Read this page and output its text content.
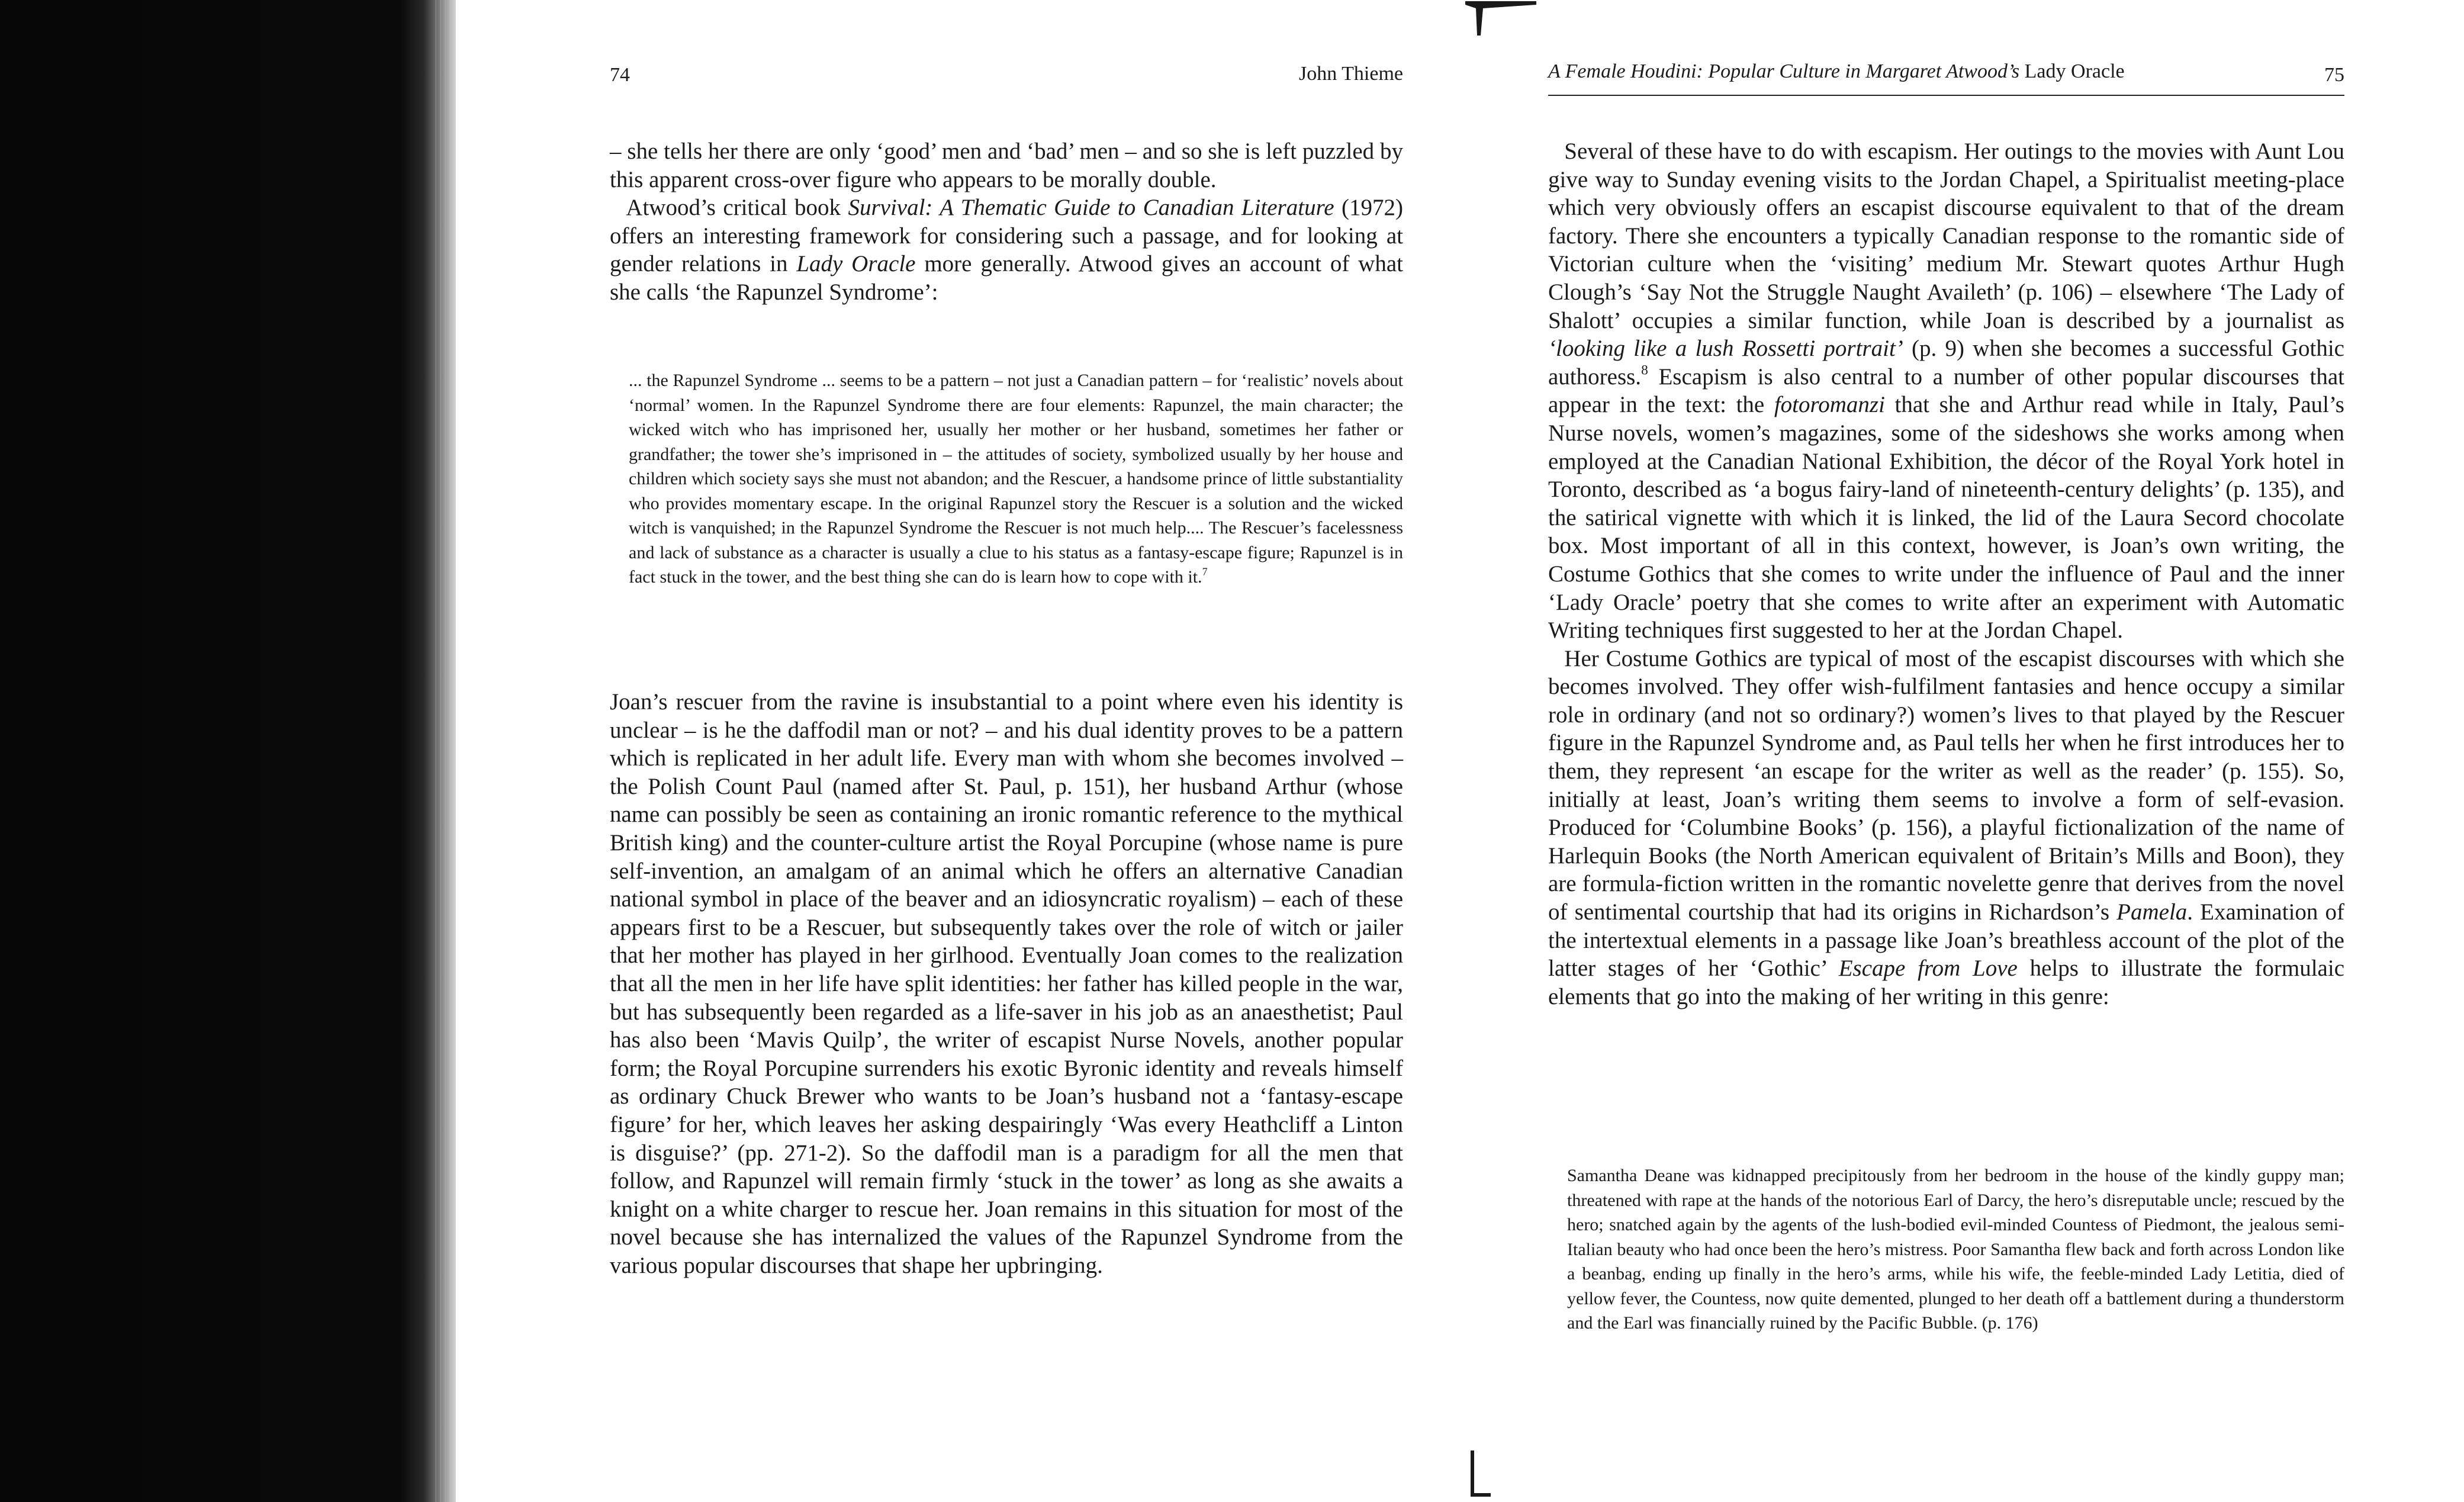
74	John Thieme

– she tells her there are only ‘good’ men and ‘bad’ men – and so she is left puzzled by this apparent cross-over figure who appears to be morally double.

Atwood’s critical book Survival: A Thematic Guide to Canadian Literature (1972) offers an interesting framework for considering such a passage, and for looking at gender relations in Lady Oracle more generally. Atwood gives an account of what she calls ‘the Rapunzel Syndrome’:

... the Rapunzel Syndrome ... seems to be a pattern – not just a Canadian pattern – for ‘realistic’ novels about ‘normal’ women. In the Rapunzel Syndrome there are four elements: Rapunzel, the main character; the wicked witch who has imprisoned her, usually her mother or her husband, sometimes her father or grandfather; the tower she’s imprisoned in – the attitudes of society, symbolized usually by her house and children which society says she must not abandon; and the Rescuer, a handsome prince of little substantiality who provides momentary escape. In the original Rapunzel story the Rescuer is a solution and the wicked witch is vanquished; in the Rapunzel Syndrome the Rescuer is not much help.... The Rescuer’s facelessness and lack of substance as a character is usually a clue to his status as a fantasy-escape figure; Rapunzel is in fact stuck in the tower, and the best thing she can do is learn how to cope with it.$^7$

Joan’s rescuer from the ravine is insubstantial to a point where even his identity is unclear – is he the daffodil man or not? – and his dual identity proves to be a pattern which is replicated in her adult life. Every man with whom she becomes involved – the Polish Count Paul (named after St. Paul, p. 151), her husband Arthur (whose name can possibly be seen as containing an ironic romantic reference to the mythical British king) and the counter-culture artist the Royal Porcupine (whose name is pure self-invention, an amalgam of an animal which he offers an alternative Canadian national symbol in place of the beaver and an idiosyncratic royalism) – each of these appears first to be a Rescuer, but subsequently takes over the role of witch or jailer that her mother has played in her girlhood. Eventually Joan comes to the realization that all the men in her life have split identities: her father has killed people in the war, but has subsequently been regarded as a life-saver in his job as an anaesthetist; Paul has also been ‘Mavis Quilp’, the writer of escapist Nurse Novels, another popular form; the Royal Porcupine surrenders his exotic Byronic identity and reveals himself as ordinary Chuck Brewer who wants to be Joan’s husband not a ‘fantasy-escape figure’ for her, which leaves her asking despairingly ‘Was every Heathcliff a Linton is disguise?’ (pp. 271-2). So the daffodil man is a paradigm for all the men that follow, and Rapunzel will remain firmly ‘stuck in the tower’ as long as she awaits a knight on a white charger to rescue her. Joan remains in this situation for most of the novel because she has internalized the values of the Rapunzel Syndrome from the various popular discourses that shape her upbringing.

A Female Houdini: Popular Culture in Margaret Atwood’s Lady Oracle	75

Several of these have to do with escapism. Her outings to the movies with Aunt Lou give way to Sunday evening visits to the Jordan Chapel, a Spiritualist meeting-place which very obviously offers an escapist discourse equivalent to that of the dream factory. There she encounters a typically Canadian response to the romantic side of Victorian culture when the ‘visiting’ medium Mr. Stewart quotes Arthur Hugh Clough’s ‘Say Not the Struggle Naught Availeth’ (p. 106) – elsewhere ‘The Lady of Shalott’ occupies a similar function, while Joan is described by a journalist as ‘looking like a lush Rossetti portrait’ (p. 9) when she becomes a successful Gothic authoress.$^8$ Escapism is also central to a number of other popular discourses that appear in the text: the fotoromanzi that she and Arthur read while in Italy, Paul’s Nurse novels, women’s magazines, some of the sideshows she works among when employed at the Canadian National Exhibition, the décor of the Royal York hotel in Toronto, described as ‘a bogus fairy-land of nineteenth-century delights’ (p. 135), and the satirical vignette with which it is linked, the lid of the Laura Secord chocolate box. Most important of all in this context, however, is Joan’s own writing, the Costume Gothics that she comes to write under the influence of Paul and the inner ‘Lady Oracle’ poetry that she comes to write after an experiment with Automatic Writing techniques first suggested to her at the Jordan Chapel.

Her Costume Gothics are typical of most of the escapist discourses with which she becomes involved. They offer wish-fulfilment fantasies and hence occupy a similar role in ordinary (and not so ordinary?) women’s lives to that played by the Rescuer figure in the Rapunzel Syndrome and, as Paul tells her when he first introduces her to them, they represent ‘an escape for the writer as well as the reader’ (p. 155). So, initially at least, Joan’s writing them seems to involve a form of self-evasion. Produced for ‘Columbine Books’ (p. 156), a playful fictionalization of the name of Harlequin Books (the North American equivalent of Britain’s Mills and Boon), they are formula-fiction written in the romantic novelette genre that derives from the novel of sentimental courtship that had its origins in Richardson’s Pamela. Examination of the intertextual elements in a passage like Joan’s breathless account of the plot of the latter stages of her ‘Gothic’ Escape from Love helps to illustrate the formulaic elements that go into the making of her writing in this genre:

Samantha Deane was kidnapped precipitously from her bedroom in the house of the kindly guppy man; threatened with rape at the hands of the notorious Earl of Darcy, the hero’s disreputable uncle; rescued by the hero; snatched again by the agents of the lush-bodied evil-minded Countess of Piedmont, the jealous semi-Italian beauty who had once been the hero’s mistress. Poor Samantha flew back and forth across London like a beanbag, ending up finally in the hero’s arms, while his wife, the feeble-minded Lady Letitia, died of yellow fever, the Countess, now quite demented, plunged to her death off a battlement during a thunderstorm and the Earl was financially ruined by the Pacific Bubble. (p. 176)
